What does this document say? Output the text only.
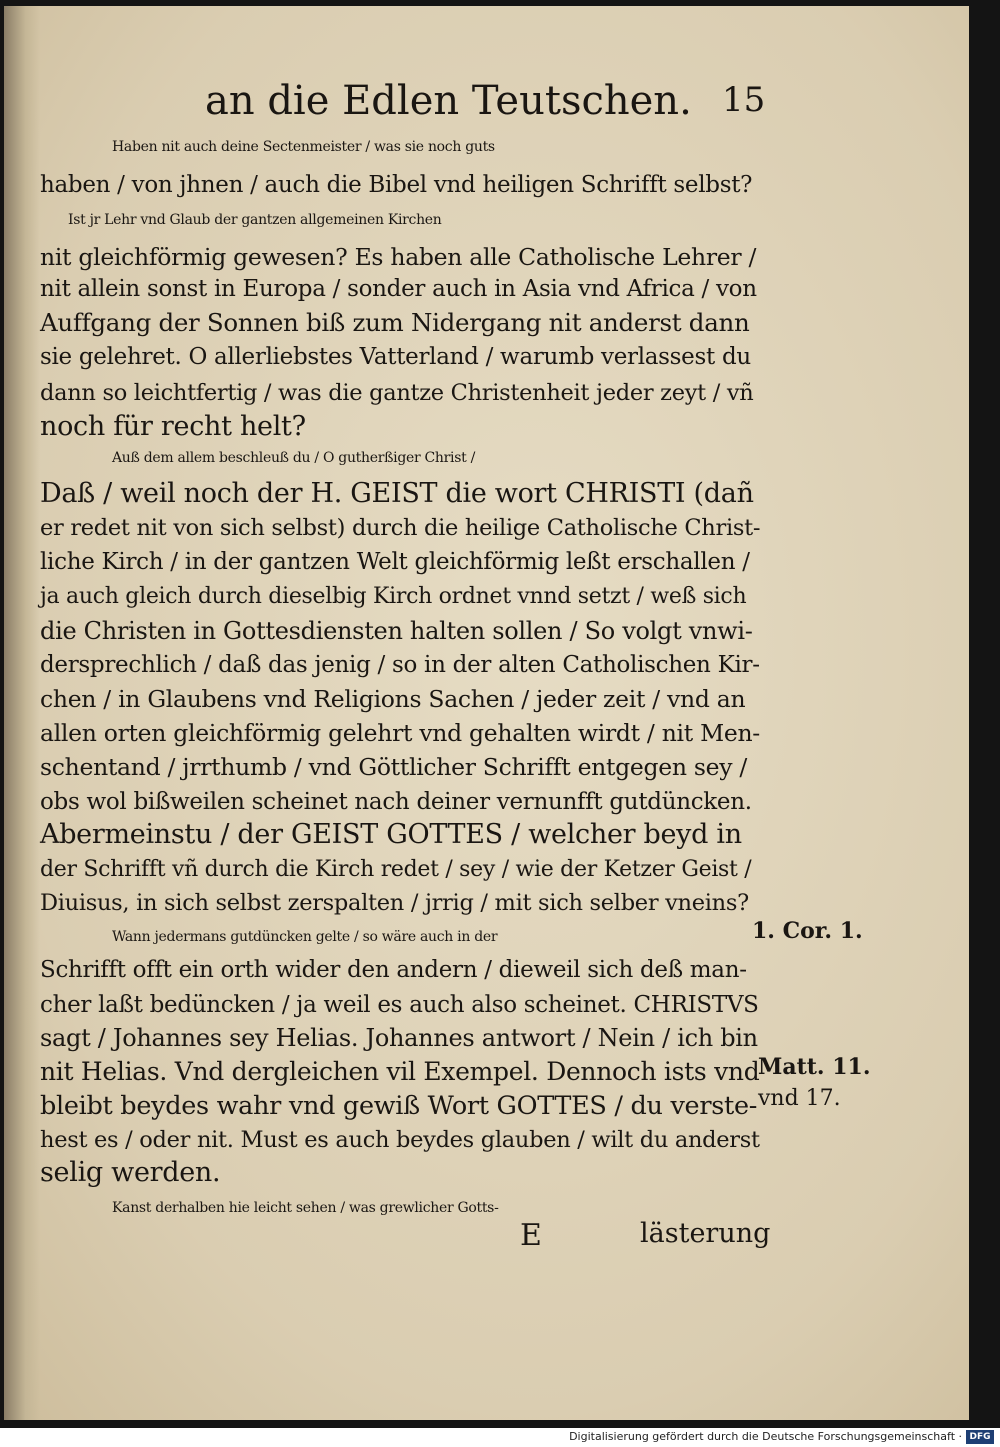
an die Edlen Teutschen. 15
Haben nit auch deine Sectenmeister / was sie noch guts
haben / von jhnen / auch die Bibel vnd heiligen Schrifft selbst?
Ist jr Lehr vnd Glaub der gantzen allgemeinen Kirchen
nit gleichförmig gewesen? Es haben alle Catholische Lehrer /
nit allein sonst in Europa / sonder auch in Asia vnd Africa / von
Auffgang der Sonnen biß zum Nidergang nit anderst dann
sie gelehret. O allerliebstes Vatterland / warumb verlassest du
dann so leichtfertig / was die gantze Christenheit jeder zeyt / vñ
noch für recht helt?
Auß dem allem beschleuß du / O gutherßiger Christ /
Daß / weil noch der H. GEIST die wort CHRISTI (dañ
er redet nit von sich selbst) durch die heilige Catholische Christ-
liche Kirch / in der gantzen Welt gleichförmig leßt erschallen /
ja auch gleich durch dieselbig Kirch ordnet vnnd setzt / weß sich
die Christen in Gottesdiensten halten sollen / So volgt vnwi-
dersprechlich / daß das jenig / so in der alten Catholischen Kir-
chen / in Glaubens vnd Religions Sachen / jeder zeit / vnd an
allen orten gleichförmig gelehrt vnd gehalten wirdt / nit Men-
schentand / jrrthumb / vnd Göttlicher Schrifft entgegen sey /
obs wol bißweilen scheinet nach deiner vernunfft gutdüncken.
Abermeinstu / der GEIST GOTTES / welcher beyd in
der Schrifft vñ durch die Kirch redet / sey / wie der Ketzer Geist /
Diuisus, in sich selbst zerspalten / jrrig / mit sich selber vneins?
Wann jedermans gutdüncken gelte / so wäre auch in der
Schrifft offt ein orth wider den andern / dieweil sich deß man-
cher laßt bedüncken / ja weil es auch also scheinet. CHRISTVS
sagt / Johannes sey Helias. Johannes antwort / Nein / ich bin
nit Helias. Vnd dergleichen vil Exempel. Dennoch ists vnd
bleibt beydes wahr vnd gewiß Wort GOTTES / du verste-
hest es / oder nit. Must es auch beydes glauben / wilt du anderst
selig werden.
Kanst derhalben hie leicht sehen / was grewlicher Gotts-
1. Cor. 1.
Matt. 11.
vnd 17.
E	lästerung
Digitalisierung gefördert durch die Deutsche Forschungsgemeinschaft · DFG
